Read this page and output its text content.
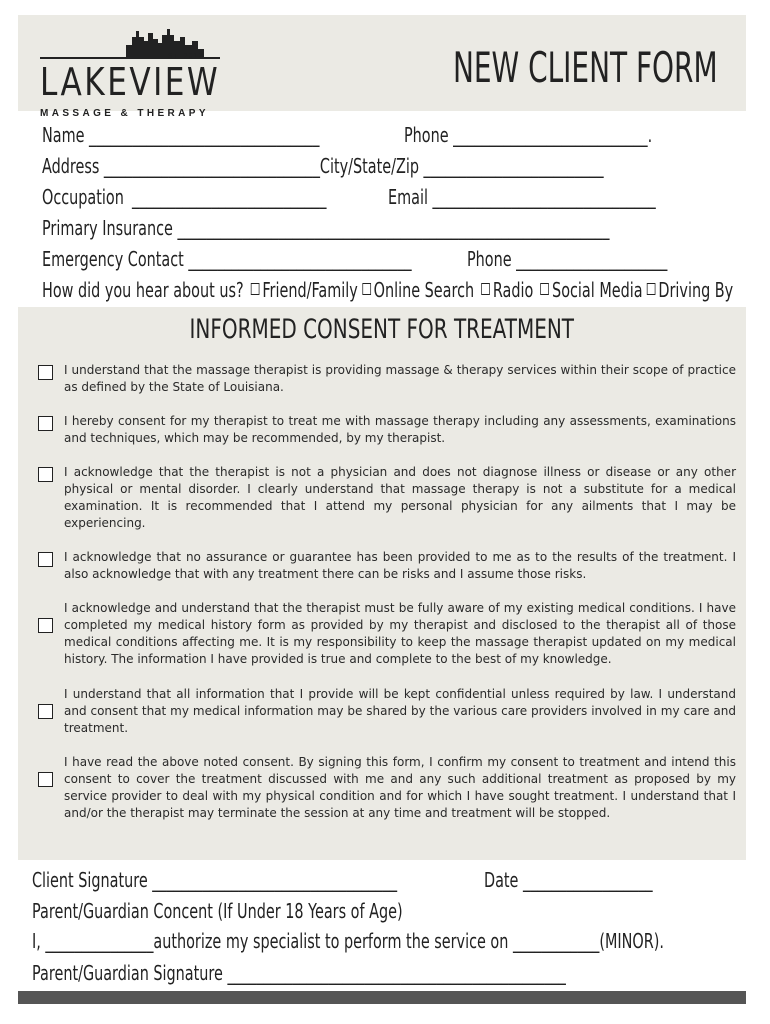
EST. 2012
LAKEVIEW
MASSAGE & THERAPY
NEW CLIENT FORM
Name ________________________________	Phone ___________________________.
Address ______________________________City/State/Zip _________________________
Occupation ___________________________	Email _______________________________
Primary Insurance ____________________________________________________________
Emergency Contact _______________________________	Phone _____________________
How did you hear about us? Friend/Family Online Search Radio Social Media Driving By
INFORMED CONSENT FOR TREATMENT
I understand that the massage therapist is providing massage & therapy services within their scope of practice as defined by the State of Louisiana.
I hereby consent for my therapist to treat me with massage therapy including any assessments, examinations and techniques, which may be recommended, by my therapist.
I acknowledge that the therapist is not a physician and does not diagnose illness or disease or any other physical or mental disorder. I clearly understand that massage therapy is not a substitute for a medical examination. It is recommended that I attend my personal physician for any ailments that I may be experiencing.
I acknowledge that no assurance or guarantee has been provided to me as to the results of the treatment. I also acknowledge that with any treatment there can be risks and I assume those risks.
I acknowledge and understand that the therapist must be fully aware of my existing medical conditions. I have completed my medical history form as provided by my therapist and disclosed to the therapist all of those medical conditions affecting me. It is my responsibility to keep the massage therapist updated on my medical history. The information I have provided is true and complete to the best of my knowledge.
I understand that all information that I provide will be kept confidential unless required by law. I understand and consent that my medical information may be shared by the various care providers involved in my care and treatment.
I have read the above noted consent. By signing this form, I confirm my consent to treatment and intend this consent to cover the treatment discussed with me and any such additional treatment as proposed by my service provider to deal with my physical condition and for which I have sought treatment. I understand that I and/or the therapist may terminate the session at any time and treatment will be stopped.
Client Signature __________________________________	Date __________________
Parent/Guardian Concent (If Under 18 Years of Age)
I, _______________authorize my specialist to perform the service on ____________(MINOR).
Parent/Guardian Signature _______________________________________________
